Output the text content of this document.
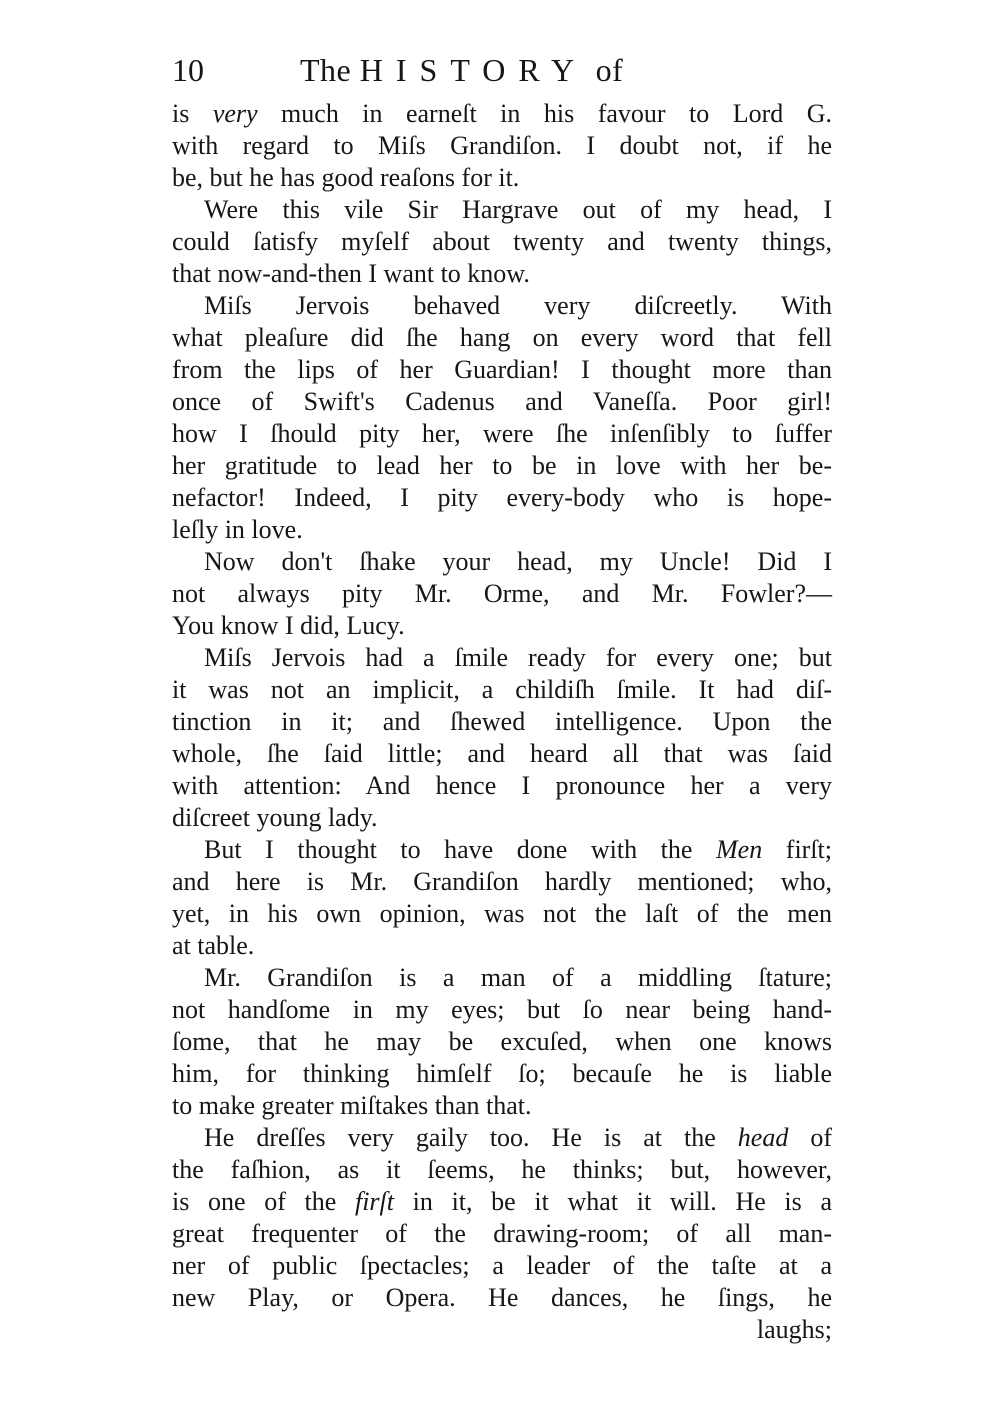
10	The HISTORY of
is very much in earneſt in his favour to Lord G.
with regard to Miſs Grandiſon. I doubt not, if he
be, but he has good reaſons for it.
Were this vile Sir Hargrave out of my head, I
could ſatisfy myſelf about twenty and twenty things,
that now-and-then I want to know.
Miſs Jervois behaved very diſcreetly. With
what pleaſure did ſhe hang on every word that fell
from the lips of her Guardian! I thought more than
once of Swift's Cadenus and Vaneſſa. Poor girl!
how I ſhould pity her, were ſhe inſenſibly to ſuffer
her gratitude to lead her to be in love with her be-
nefactor! Indeed, I pity every-body who is hope-
leſly in love.
Now don't ſhake your head, my Uncle! Did I
not always pity Mr. Orme, and Mr. Fowler?—
You know I did, Lucy.
Miſs Jervois had a ſmile ready for every one; but
it was not an implicit, a childiſh ſmile. It had diſ-
tinction in it; and ſhewed intelligence. Upon the
whole, ſhe ſaid little; and heard all that was ſaid
with attention: And hence I pronounce her a very
diſcreet young lady.
But I thought to have done with the Men firſt;
and here is Mr. Grandiſon hardly mentioned; who,
yet, in his own opinion, was not the laſt of the men
at table.
Mr. Grandiſon is a man of a middling ſtature;
not handſome in my eyes; but ſo near being hand-
ſome, that he may be excuſed, when one knows
him, for thinking himſelf ſo; becauſe he is liable
to make greater miſtakes than that.
He dreſſes very gaily too. He is at the head of
the faſhion, as it ſeems, he thinks; but, however,
is one of the firſt in it, be it what it will. He is a
great frequenter of the drawing-room; of all man-
ner of public ſpectacles; a leader of the taſte at a
new Play, or Opera. He dances, he ſings, he
laughs;
